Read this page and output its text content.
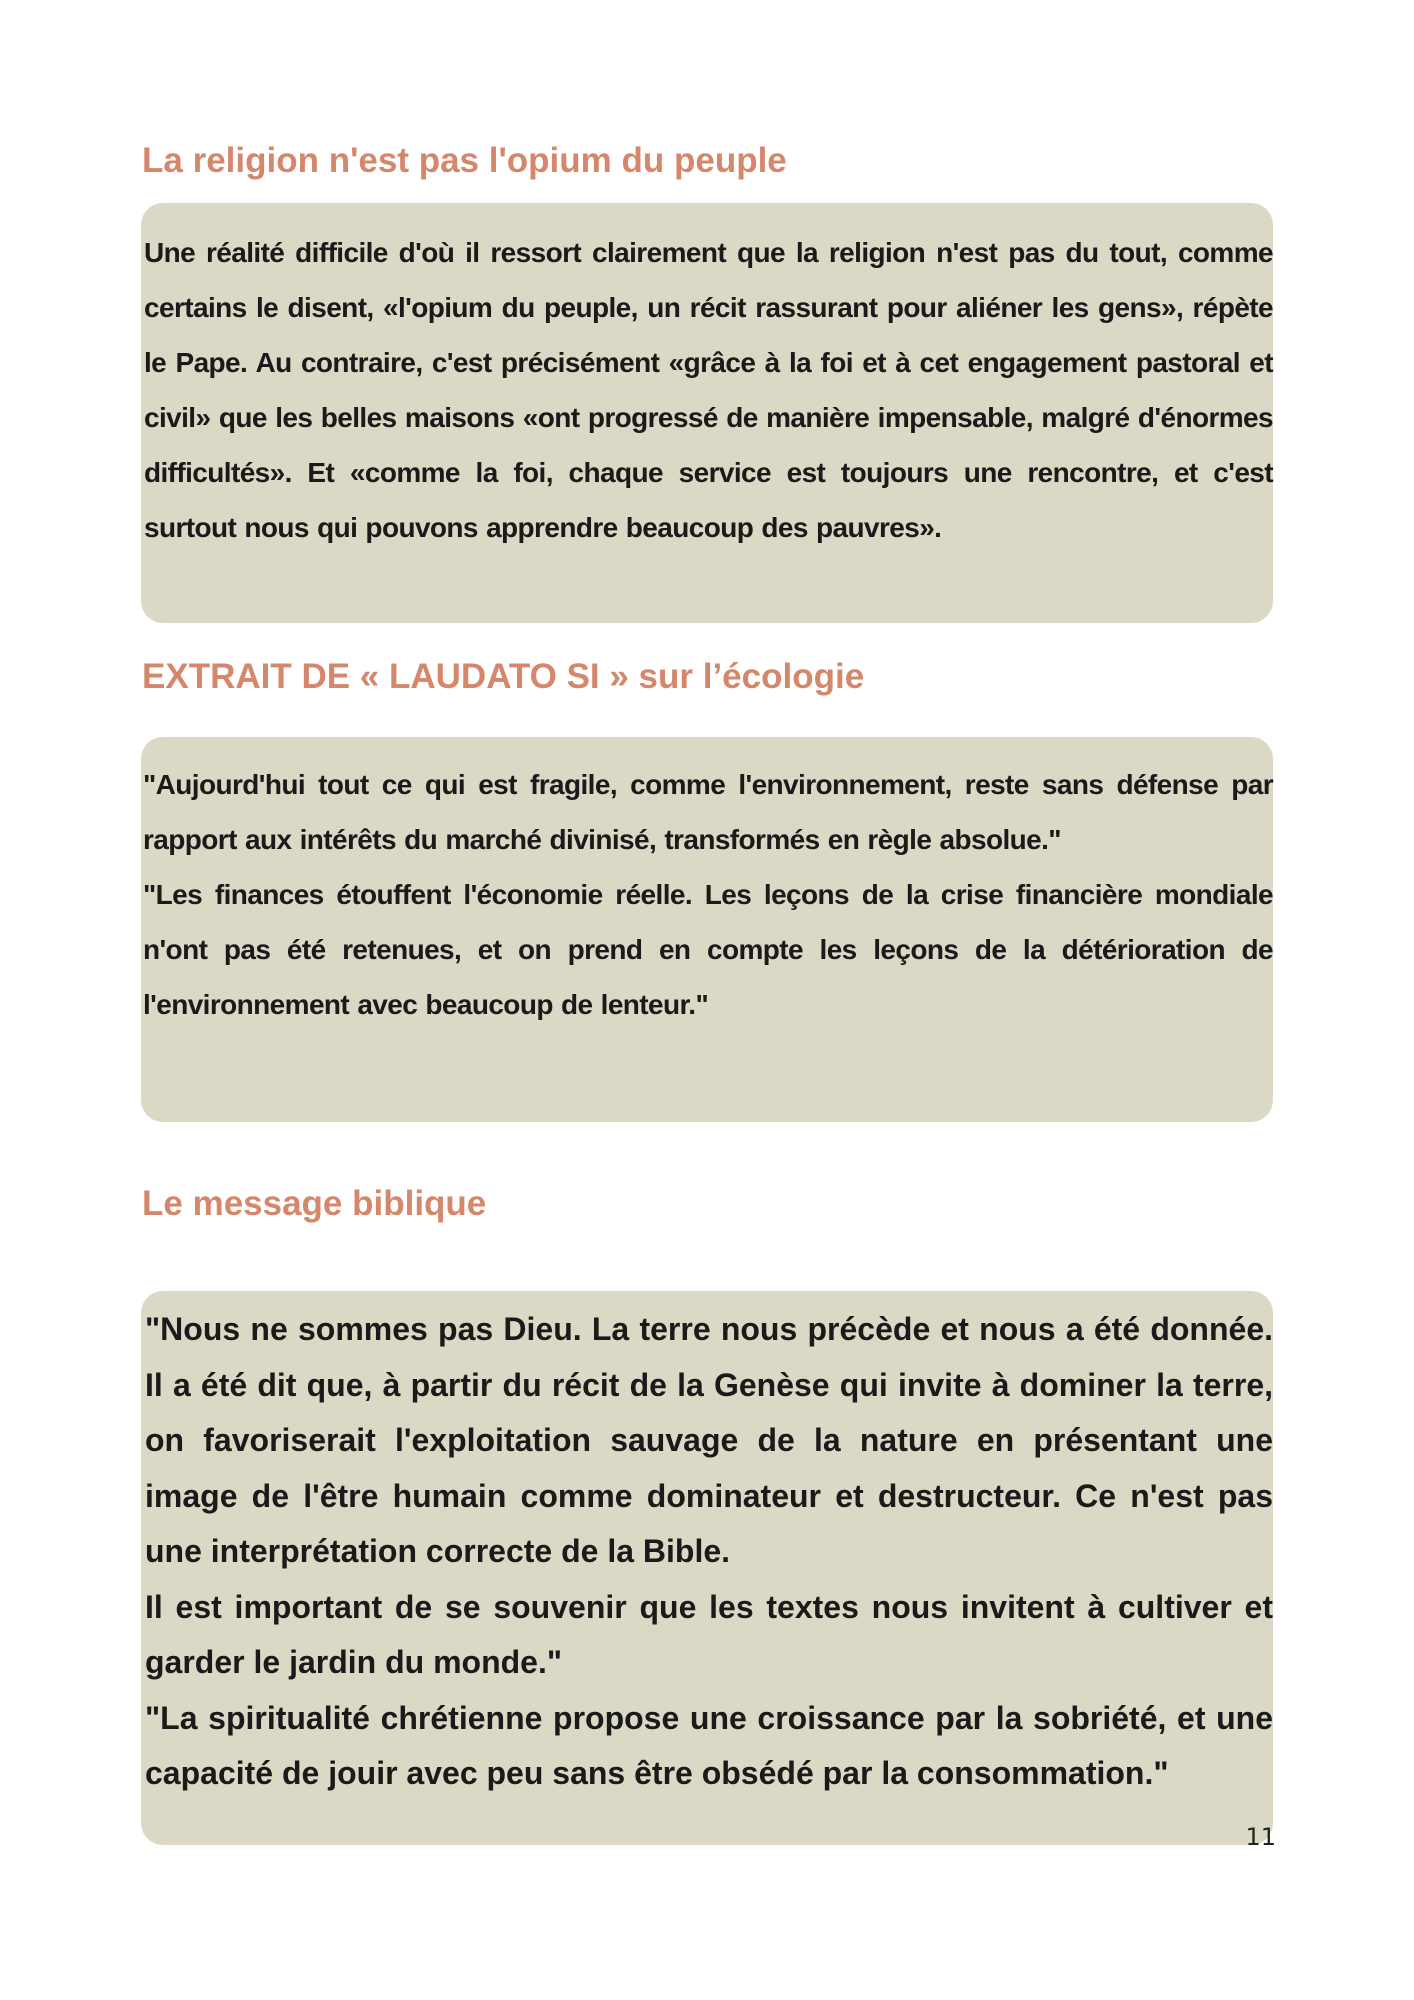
La religion n'est pas l'opium du peuple

Une réalité difficile d'où il ressort clairement que la religion n'est pas du tout, comme certains le disent, «l'opium du peuple, un récit rassurant pour aliéner les gens», répète le Pape. Au contraire, c'est précisément «grâce à la foi et à cet engagement pastoral et civil» que les belles maisons «ont progressé de manière impensable, malgré d'énormes difficultés». Et «comme la foi, chaque service est toujours une rencontre, et c'est surtout nous qui pouvons apprendre beaucoup des pauvres».

EXTRAIT DE « LAUDATO SI » sur l’écologie

"Aujourd'hui tout ce qui est fragile, comme l'environnement, reste sans défense par rapport aux intérêts du marché divinisé, transformés en règle absolue."

"Les finances étouffent l'économie réelle. Les leçons de la crise financière mondiale n'ont pas été retenues, et on prend en compte les leçons de la détérioration de l'environnement avec beaucoup de lenteur."

Le message biblique

"Nous ne sommes pas Dieu. La terre nous précède et nous a été donnée. Il a été dit que, à partir du récit de la Genèse qui invite à dominer la terre, on favoriserait l'exploitation sauvage de la nature en présentant une image de l'être humain comme dominateur et destructeur. Ce n'est pas une interprétation correcte de la Bible.

Il est important de se souvenir que les textes nous invitent à cultiver et garder le jardin du monde."

"La spiritualité chrétienne propose une croissance par la sobriété, et une capacité de jouir avec peu sans être obsédé par la consommation."

11
